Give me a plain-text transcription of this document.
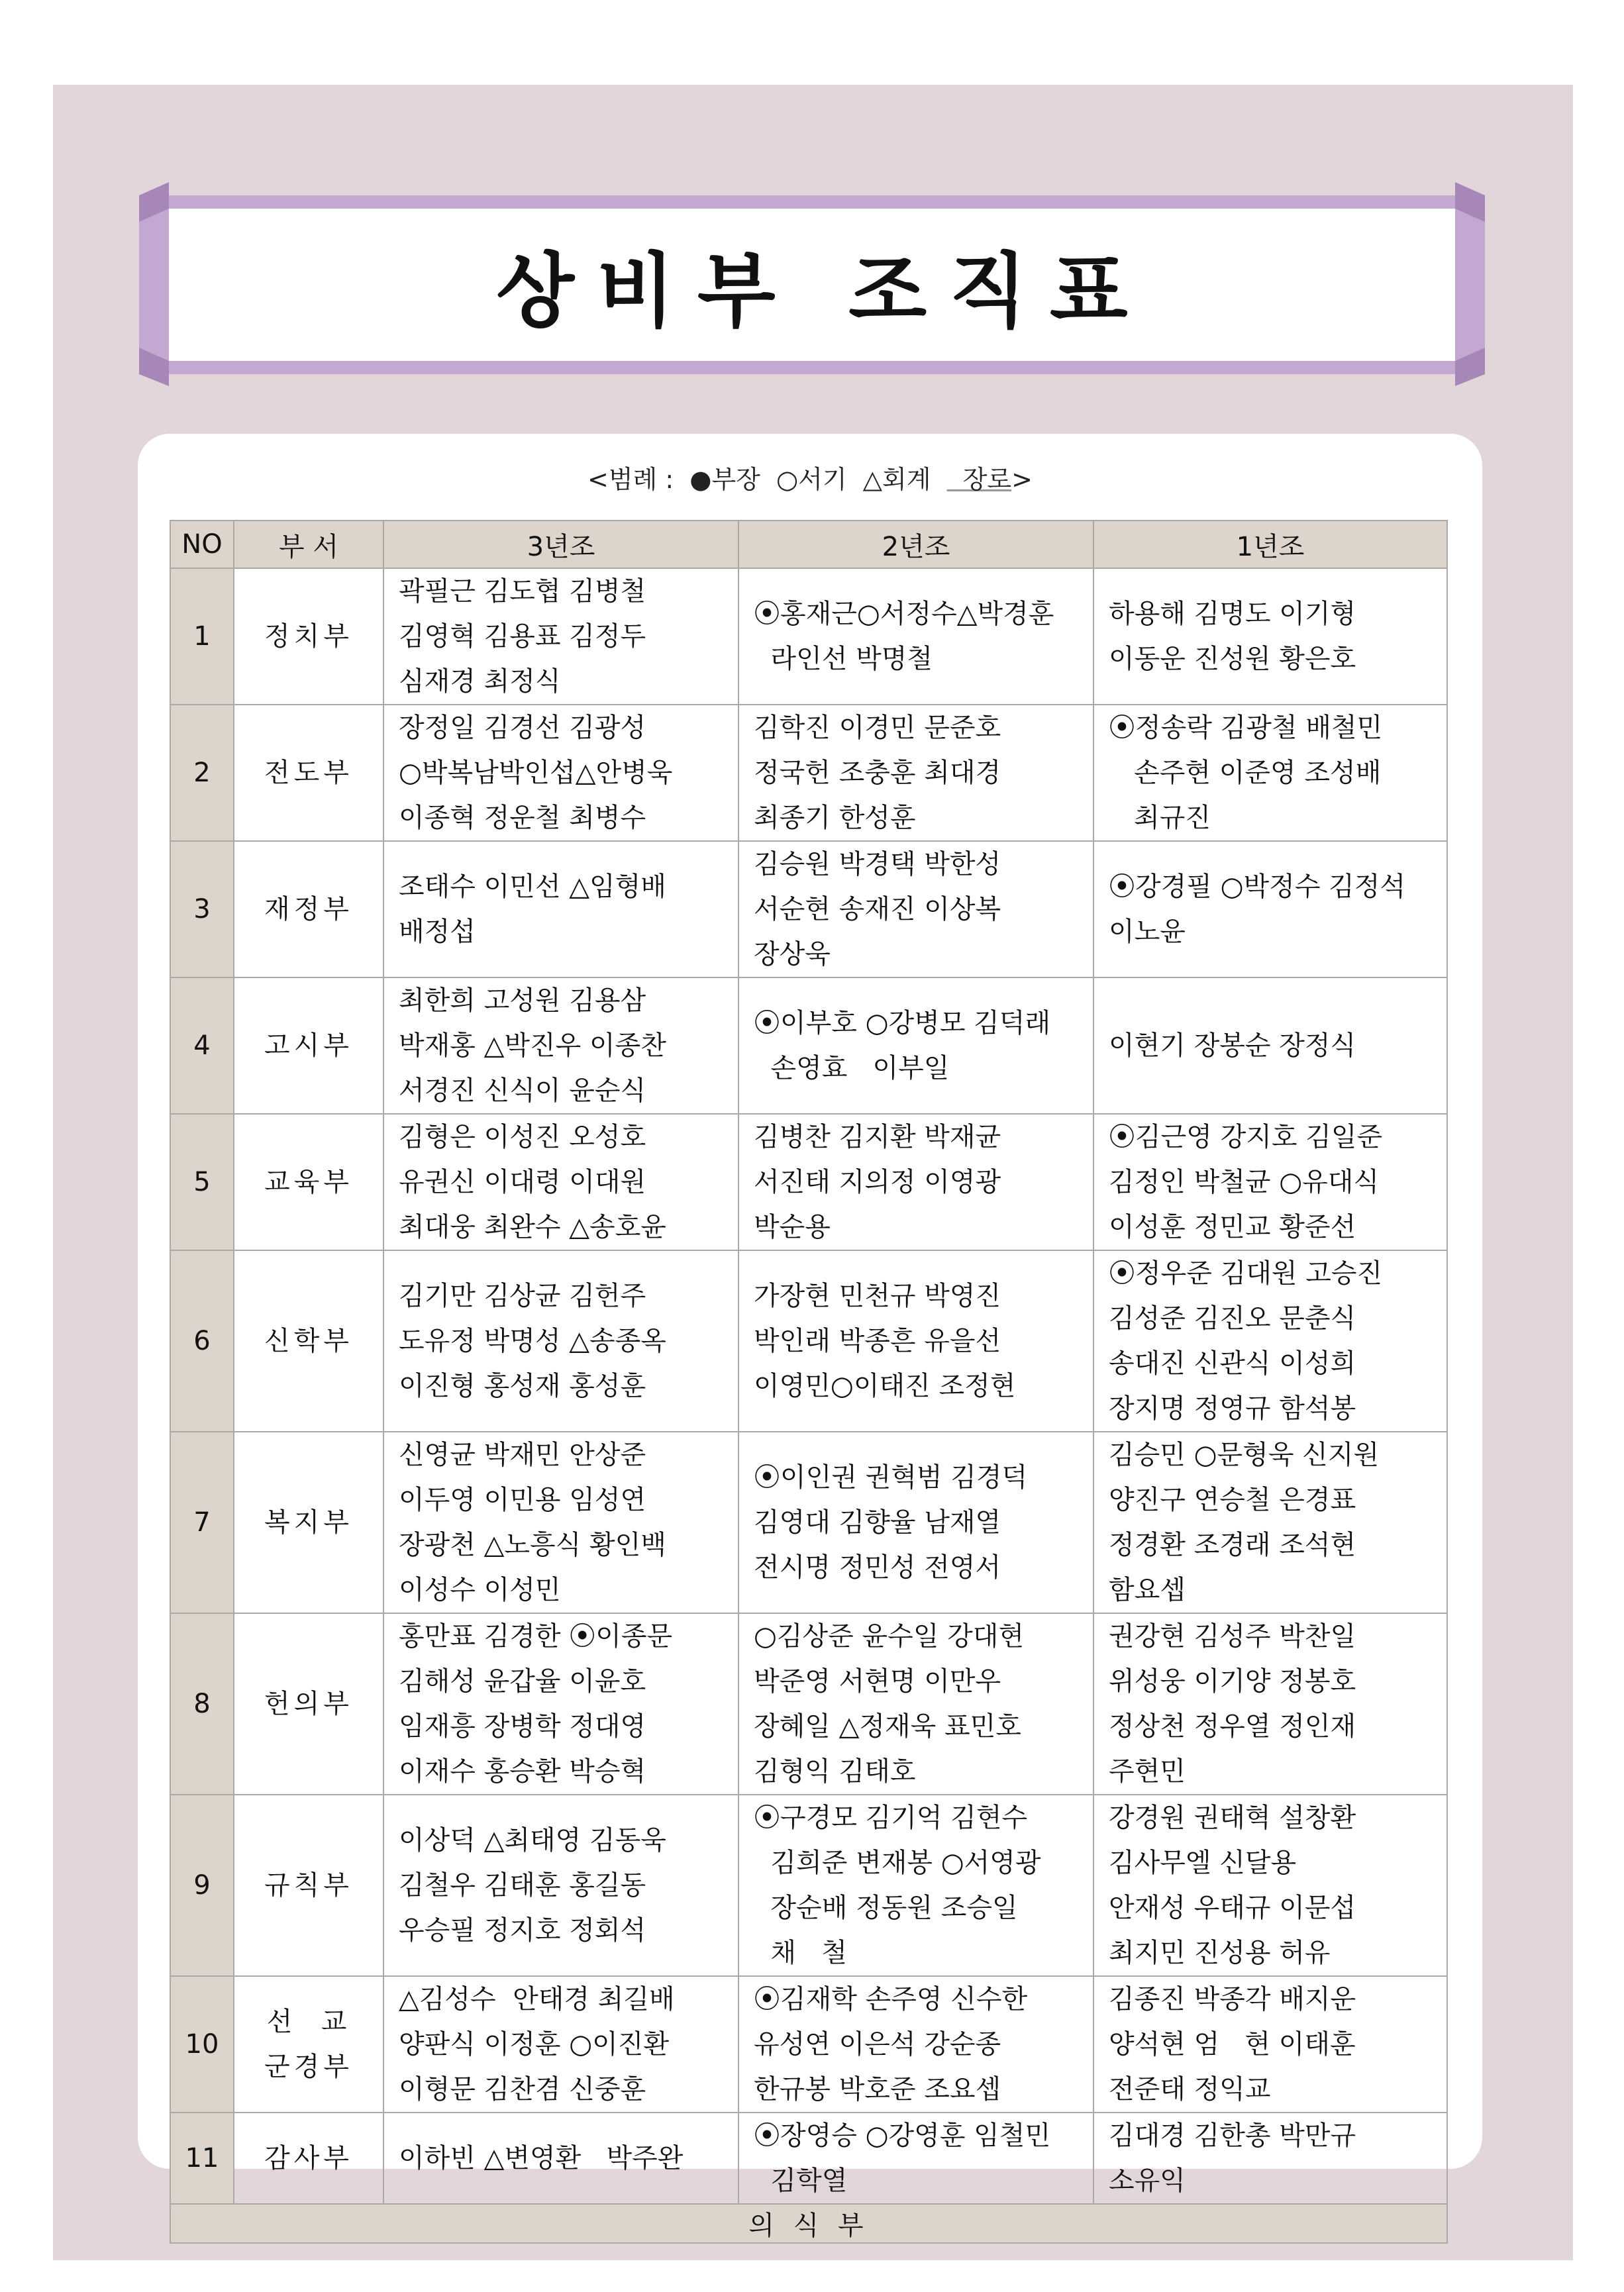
상비부 조직표
<범례 :  ●부장  ○서기  △회계    장로>
NO	부 서	3년조	2년조	1년조
1	정치부	곽필근 김도협 김병철
김영혁 김용표 김정두
심재경 최정식	⦿홍재근○서정수△박경훈
라인선 박명철	하용해 김명도 이기형
이동운 진성원 황은호
2	전도부	장정일 김경선 김광성
○박복남박인섭△안병욱
이종혁 정운철 최병수	김학진 이경민 문준호
정국헌 조충훈 최대경
최종기 한성훈	⦿정송락 김광철 배철민
손주현 이준영 조성배
최규진
3	재정부	조태수 이민선 △임형배
배정섭	김승원 박경택 박한성
서순현 송재진 이상복
장상욱	⦿강경필 ○박정수 김정석
이노윤
4	고시부	최한희 고성원 김용삼
박재홍 △박진우 이종찬
서경진 신식이 윤순식	⦿이부호 ○강병모 김덕래
손영효   이부일	이현기 장봉순 장정식
5	교육부	김형은 이성진 오성호
유권신 이대령 이대원
최대웅 최완수 △송호윤	김병찬 김지환 박재균
서진태 지의정 이영광
박순용	⦿김근영 강지호 김일준
김정인 박철균 ○유대식
이성훈 정민교 황준선
6	신학부	김기만 김상균 김헌주
도유정 박명성 △송종옥
이진형 홍성재 홍성훈	가장현 민천규 박영진
박인래 박종흔 유을선
이영민○이태진 조정현	⦿정우준 김대원 고승진
김성준 김진오 문춘식
송대진 신관식 이성희
장지명 정영규 함석봉
7	복지부	신영균 박재민 안상준
이두영 이민용 임성연
장광천 △노흥식 황인백
이성수 이성민	⦿이인권 권혁범 김경덕
김영대 김향율 남재열
전시명 정민성 전영서	김승민 ○문형욱 신지원
양진구 연승철 은경표
정경환 조경래 조석현
함요셉
8	헌의부	홍만표 김경한 ⦿이종문
김해성 윤갑율 이윤호
임재흥 장병학 정대영
이재수 홍승환 박승혁	○김상준 윤수일 강대현
박준영 서현명 이만우
장혜일 △정재욱 표민호
김형익 김태호	권강현 김성주 박찬일
위성웅 이기양 정봉호
정상천 정우열 정인재
주현민
9	규칙부	이상덕 △최태영 김동욱
김철우 김태훈 홍길동
우승필 정지호 정회석	⦿구경모 김기억 김현수
김희준 변재봉 ○서영광
장순배 정동원 조승일
채   철	강경원 권태혁 설창환
김사무엘 신달용
안재성 우태규 이문섭
최지민 진성용 허유
10	선  교
군경부	△김성수  안태경 최길배
양판식 이정훈 ○이진환
이형문 김찬겸 신중훈	⦿김재학 손주영 신수한
유성연 이은석 강순종
한규봉 박호준 조요셉	김종진 박종각 배지운
양석현 엄   현 이태훈
전준태 정익교
11	감사부	이하빈 △변영환   박주완	⦿장영승 ○강영훈 임철민
김학열	김대경 김한총 박만규
소유익
의 식 부				
